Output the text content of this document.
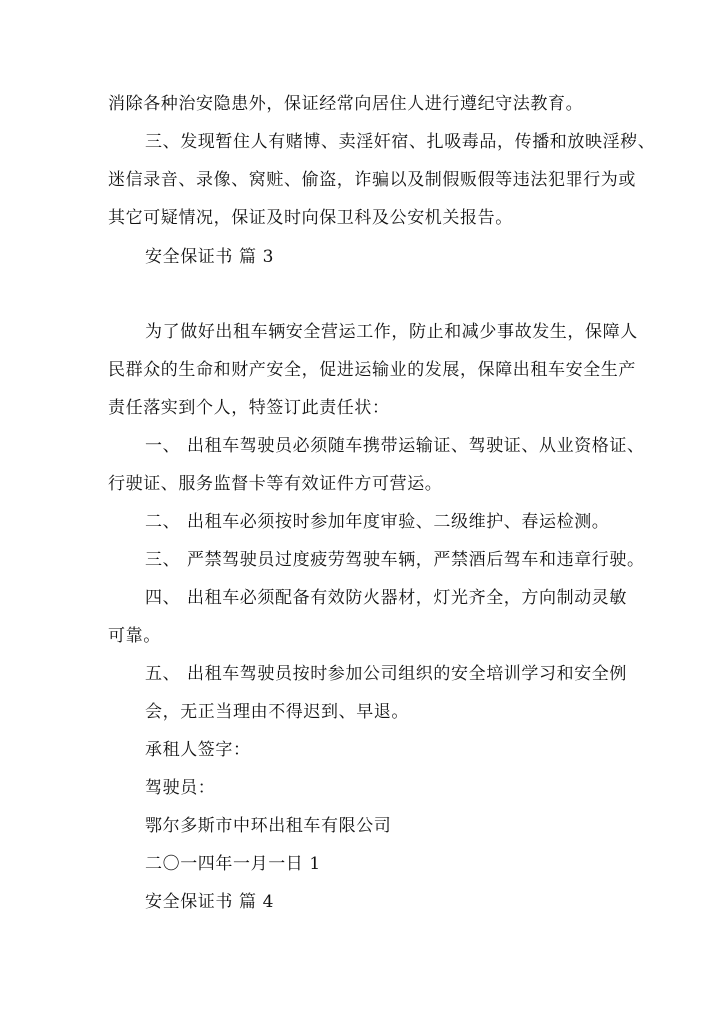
消除各种治安隐患外，保证经常向居住人进行遵纪守法教育。

三、发现暂住人有赌博、卖淫奸宿、扎吸毒品，传播和放映淫秽、

迷信录音、录像、窝赃、偷盗，诈骗以及制假贩假等违法犯罪行为或

其它可疑情况，保证及时向保卫科及公安机关报告。

安全保证书 篇 3

为了做好出租车辆安全营运工作，防止和减少事故发生，保障人

民群众的生命和财产安全，促进运输业的发展，保障出租车安全生产

责任落实到个人，特签订此责任状：

一、 出租车驾驶员必须随车携带运输证、驾驶证、从业资格证、

行驶证、服务监督卡等有效证件方可营运。

二、 出租车必须按时参加年度审验、二级维护、春运检测。

三、 严禁驾驶员过度疲劳驾驶车辆，严禁酒后驾车和违章行驶。

四、 出租车必须配备有效防火器材，灯光齐全，方向制动灵敏

可靠。

五、 出租车驾驶员按时参加公司组织的安全培训学习和安全例

会，无正当理由不得迟到、早退。

承租人签字：

驾驶员：

鄂尔多斯市中环出租车有限公司

二〇一四年一月一日 1

安全保证书 篇 4
